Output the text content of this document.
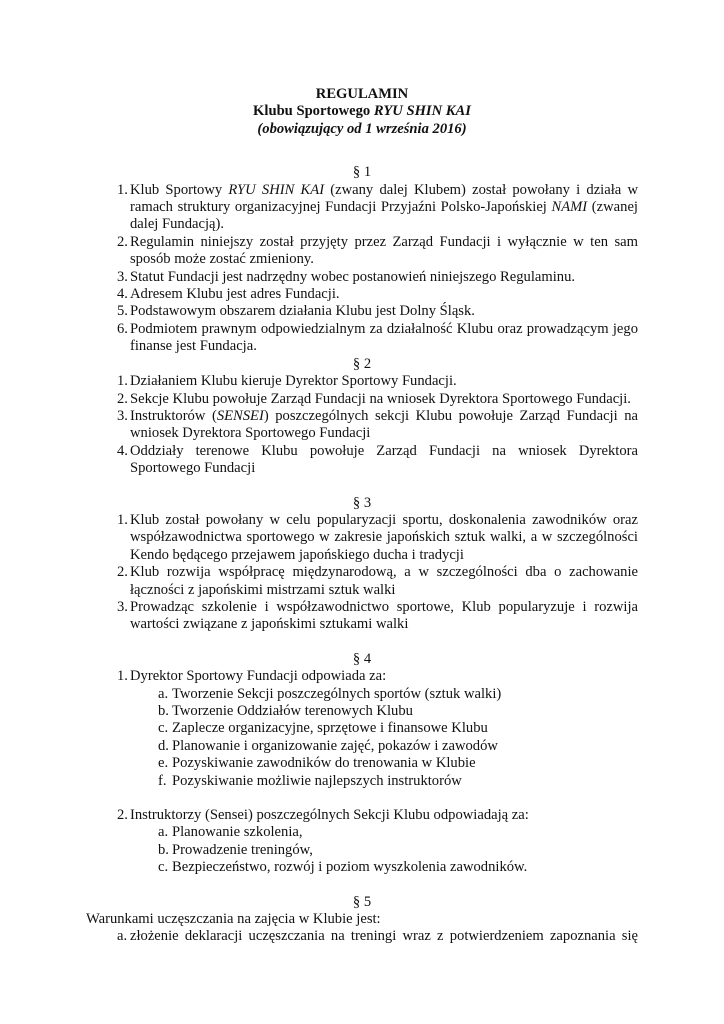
REGULAMIN
Klubu Sportowego RYU SHIN KAI
(obowiązujący od 1 września 2016)
§ 1
1. Klub Sportowy RYU SHIN KAI (zwany dalej Klubem) został powołany i działa w ramach struktury organizacyjnej Fundacji Przyjaźni Polsko-Japońskiej NAMI (zwanej dalej Fundacją).
2. Regulamin niniejszy został przyjęty przez Zarząd Fundacji i wyłącznie w ten sam sposób może zostać zmieniony.
3. Statut Fundacji jest nadrzędny wobec postanowień niniejszego Regulaminu.
4. Adresem Klubu jest adres Fundacji.
5. Podstawowym obszarem działania Klubu jest Dolny Śląsk.
6. Podmiotem prawnym odpowiedzialnym za działalność Klubu oraz prowadzącym jego finanse jest Fundacja.
§ 2
1. Działaniem Klubu kieruje Dyrektor Sportowy Fundacji.
2. Sekcje Klubu powołuje Zarząd Fundacji na wniosek Dyrektora Sportowego Fundacji.
3. Instruktorów (SENSEI) poszczególnych sekcji Klubu powołuje Zarząd Fundacji na wniosek Dyrektora Sportowego Fundacji
4. Oddziały terenowe Klubu powołuje Zarząd Fundacji na wniosek Dyrektora Sportowego Fundacji
§ 3
1. Klub został powołany w celu popularyzacji sportu, doskonalenia zawodników oraz współzawodnictwa sportowego w zakresie japońskich sztuk walki, a w szczególności Kendo będącego przejawem japońskiego ducha i tradycji
2. Klub rozwija współpracę międzynarodową, a w szczególności dba o zachowanie łączności z japońskimi mistrzami sztuk walki
3. Prowadząc szkolenie i współzawodnictwo sportowe, Klub popularyzuje i rozwija wartości związane z japońskimi sztukami walki
§ 4
1. Dyrektor Sportowy Fundacji odpowiada za:
a. Tworzenie Sekcji poszczególnych sportów (sztuk walki)
b. Tworzenie Oddziałów terenowych Klubu
c. Zaplecze organizacyjne, sprzętowe i finansowe Klubu
d. Planowanie i organizowanie zajęć, pokazów i zawodów
e. Pozyskiwanie zawodników do trenowania w Klubie
f. Pozyskiwanie możliwie najlepszych instruktorów
2. Instruktorzy (Sensei) poszczególnych Sekcji Klubu odpowiadają za:
a. Planowanie szkolenia,
b. Prowadzenie treningów,
c. Bezpieczeństwo, rozwój i poziom wyszkolenia zawodników.
§ 5
Warunkami uczęszczania na zajęcia w Klubie jest:
a. złożenie deklaracji uczęszczania na treningi wraz z potwierdzeniem zapoznania się
